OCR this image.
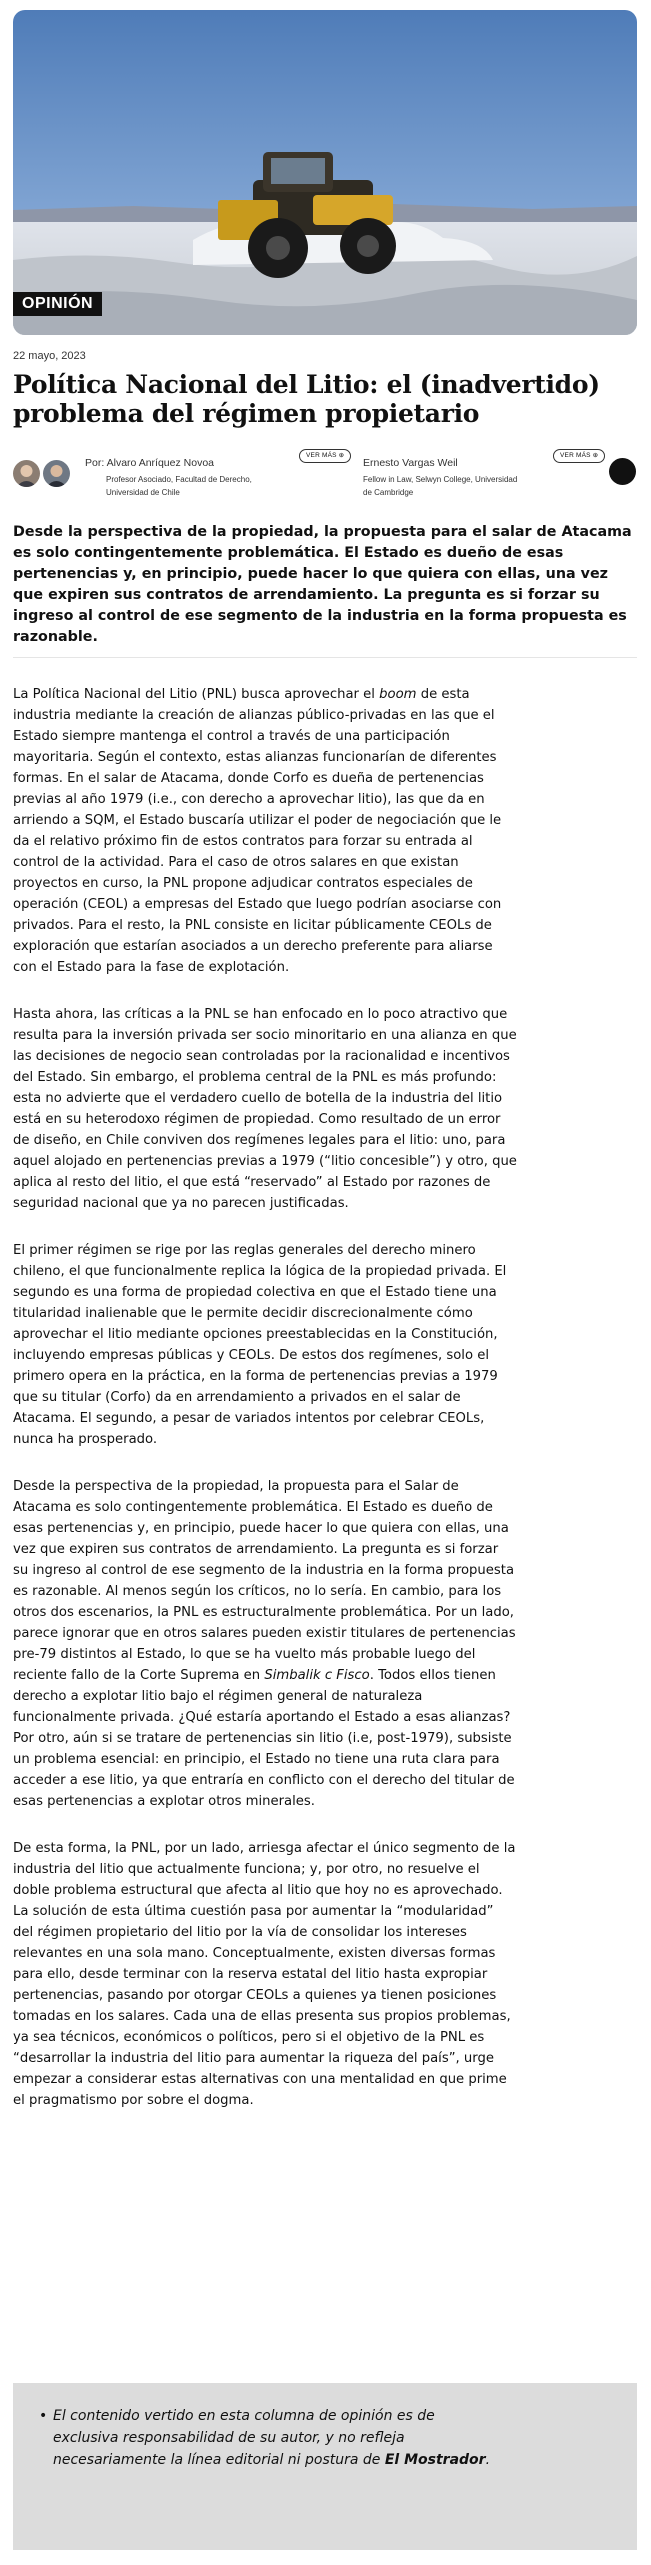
OPINIÓN
22 mayo, 2023
Política Nacional del Litio: el (inadvertido) problema del régimen propietario
Por: Alvaro Anríquez Novoa
Profesor Asociado, Facultad de Derecho,
Universidad de Chile
VER MÁS ⊕
Ernesto Vargas Weil
Fellow in Law, Selwyn College, Universidad
de Cambridge
VER MÁS ⊕

Desde la perspectiva de la propiedad, la propuesta para el salar de Atacama es solo contingentemente problemática. El Estado es dueño de esas pertenencias y, en principio, puede hacer lo que quiera con ellas, una vez que expiren sus contratos de arrendamiento. La pregunta es si forzar su ingreso al control de ese segmento de la industria en la forma propuesta es razonable.

La Política Nacional del Litio (PNL) busca aprovechar el boom de esta industria mediante la creación de alianzas público-privadas en las que el Estado siempre mantenga el control a través de una participación mayoritaria. Según el contexto, estas alianzas funcionarían de diferentes formas. En el salar de Atacama, donde Corfo es dueña de pertenencias previas al año 1979 (i.e., con derecho a aprovechar litio), las que da en arriendo a SQM, el Estado buscaría utilizar el poder de negociación que le da el relativo próximo fin de estos contratos para forzar su entrada al control de la actividad. Para el caso de otros salares en que existan proyectos en curso, la PNL propone adjudicar contratos especiales de operación (CEOL) a empresas del Estado que luego podrían asociarse con privados. Para el resto, la PNL consiste en licitar públicamente CEOLs de exploración que estarían asociados a un derecho preferente para aliarse con el Estado para la fase de explotación.

Hasta ahora, las críticas a la PNL se han enfocado en lo poco atractivo que resulta para la inversión privada ser socio minoritario en una alianza en que las decisiones de negocio sean controladas por la racionalidad e incentivos del Estado. Sin embargo, el problema central de la PNL es más profundo: esta no advierte que el verdadero cuello de botella de la industria del litio está en su heterodoxo régimen de propiedad. Como resultado de un error de diseño, en Chile conviven dos regímenes legales para el litio: uno, para aquel alojado en pertenencias previas a 1979 (“litio concesible”) y otro, que aplica al resto del litio, el que está “reservado” al Estado por razones de seguridad nacional que ya no parecen justificadas.

El primer régimen se rige por las reglas generales del derecho minero chileno, el que funcionalmente replica la lógica de la propiedad privada. El segundo es una forma de propiedad colectiva en que el Estado tiene una titularidad inalienable que le permite decidir discrecionalmente cómo aprovechar el litio mediante opciones preestablecidas en la Constitución, incluyendo empresas públicas y CEOLs. De estos dos regímenes, solo el primero opera en la práctica, en la forma de pertenencias previas a 1979 que su titular (Corfo) da en arrendamiento a privados en el salar de Atacama. El segundo, a pesar de variados intentos por celebrar CEOLs, nunca ha prosperado.

Desde la perspectiva de la propiedad, la propuesta para el Salar de Atacama es solo contingentemente problemática. El Estado es dueño de esas pertenencias y, en principio, puede hacer lo que quiera con ellas, una vez que expiren sus contratos de arrendamiento. La pregunta es si forzar su ingreso al control de ese segmento de la industria en la forma propuesta es razonable. Al menos según los críticos, no lo sería. En cambio, para los otros dos escenarios, la PNL es estructuralmente problemática. Por un lado, parece ignorar que en otros salares pueden existir titulares de pertenencias pre-79 distintos al Estado, lo que se ha vuelto más probable luego del reciente fallo de la Corte Suprema en Simbalik c Fisco. Todos ellos tienen derecho a explotar litio bajo el régimen general de naturaleza funcionalmente privada. ¿Qué estaría aportando el Estado a esas alianzas? Por otro, aún si se tratare de pertenencias sin litio (i.e, post-1979), subsiste un problema esencial: en principio, el Estado no tiene una ruta clara para acceder a ese litio, ya que entraría en conflicto con el derecho del titular de esas pertenencias a explotar otros minerales.

De esta forma, la PNL, por un lado, arriesga afectar el único segmento de la industria del litio que actualmente funciona; y, por otro, no resuelve el doble problema estructural que afecta al litio que hoy no es aprovechado. La solución de esta última cuestión pasa por aumentar la “modularidad” del régimen propietario del litio por la vía de consolidar los intereses relevantes en una sola mano. Conceptualmente, existen diversas formas para ello, desde terminar con la reserva estatal del litio hasta expropiar pertenencias, pasando por otorgar CEOLs a quienes ya tienen posiciones tomadas en los salares. Cada una de ellas presenta sus propios problemas, ya sea técnicos, económicos o políticos, pero si el objetivo de la PNL es “desarrollar la industria del litio para aumentar la riqueza del país”, urge empezar a considerar estas alternativas con una mentalidad en que prime el pragmatismo por sobre el dogma.

• El contenido vertido en esta columna de opinión es de exclusiva responsabilidad de su autor, y no refleja necesariamente la línea editorial ni postura de El Mostrador.
